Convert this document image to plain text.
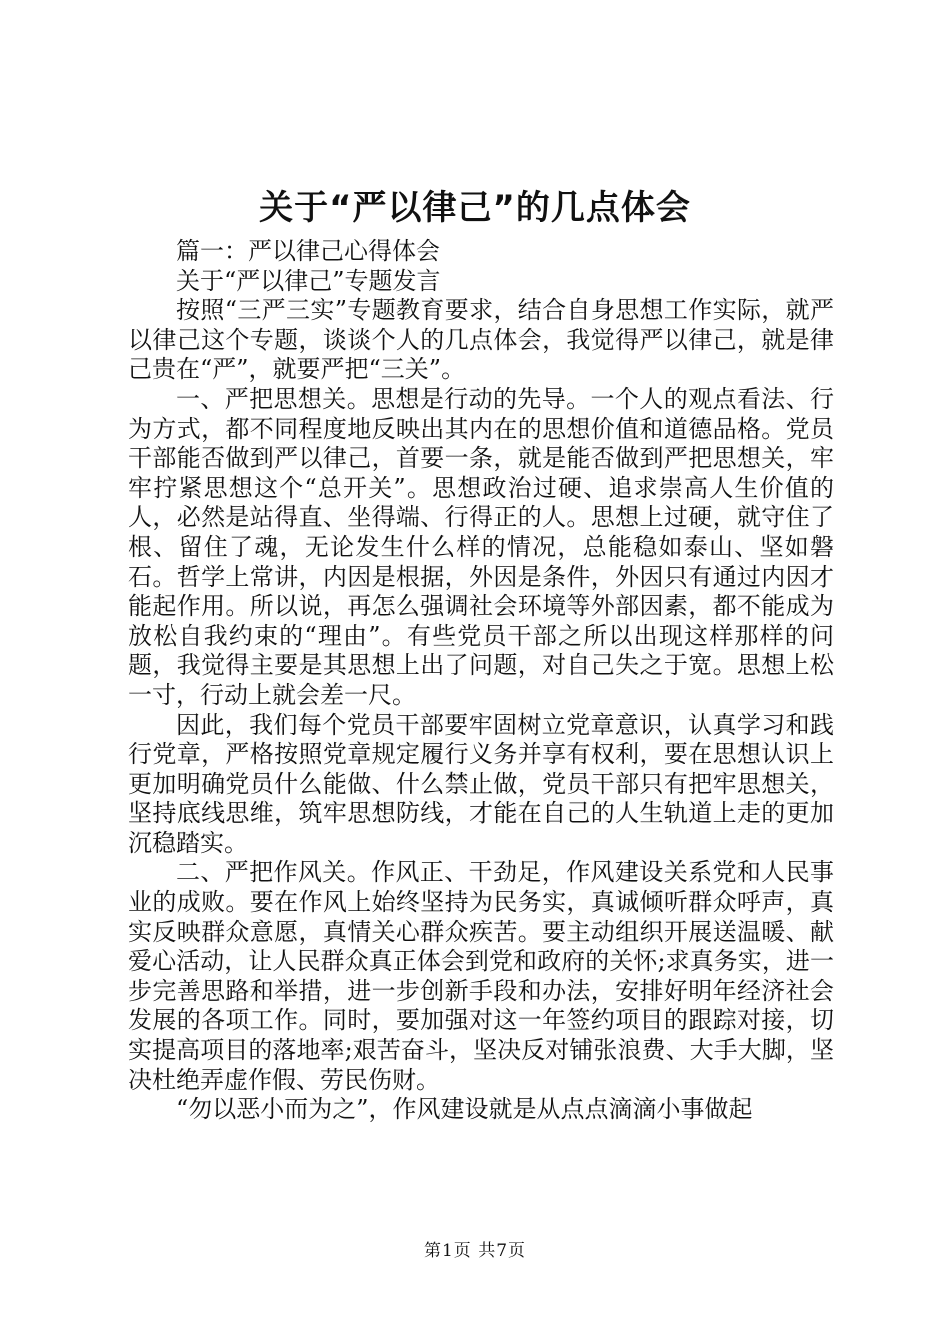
关于“严以律己”的几点体会

篇一：严以律己心得体会

关于“严以律己”专题发言

按照“三严三实”专题教育要求，结合自身思想工作实际，就严以律己这个专题，谈谈个人的几点体会，我觉得严以律己，就是律己贵在“严”，就要严把“三关”。

一、严把思想关。思想是行动的先导。一个人的观点看法、行为方式，都不同程度地反映出其内在的思想价值和道德品格。党员干部能否做到严以律己，首要一条，就是能否做到严把思想关，牢牢拧紧思想这个“总开关”。思想政治过硬、追求崇高人生价值的人，必然是站得直、坐得端、行得正的人。思想上过硬，就守住了根、留住了魂，无论发生什么样的情况，总能稳如泰山、坚如磐石。哲学上常讲，内因是根据，外因是条件，外因只有通过内因才能起作用。所以说，再怎么强调社会环境等外部因素，都不能成为放松自我约束的“理由”。有些党员干部之所以出现这样那样的问题，我觉得主要是其思想上出了问题，对自己失之于宽。思想上松一寸，行动上就会差一尺。

因此，我们每个党员干部要牢固树立党章意识，认真学习和践行党章，严格按照党章规定履行义务并享有权利，要在思想认识上更加明确党员什么能做、什么禁止做，党员干部只有把牢思想关，坚持底线思维，筑牢思想防线，才能在自己的人生轨道上走的更加沉稳踏实。

二、严把作风关。作风正、干劲足，作风建设关系党和人民事业的成败。要在作风上始终坚持为民务实，真诚倾听群众呼声，真实反映群众意愿，真情关心群众疾苦。要主动组织开展送温暖、献爱心活动，让人民群众真正体会到党和政府的关怀;求真务实，进一步完善思路和举措，进一步创新手段和办法，安排好明年经济社会发展的各项工作。同时，要加强对这一年签约项目的跟踪对接，切实提高项目的落地率;艰苦奋斗，坚决反对铺张浪费、大手大脚，坚决杜绝弄虚作假、劳民伤财。

“勿以恶小而为之”，作风建设就是从点点滴滴小事做起

第1页 共7页
